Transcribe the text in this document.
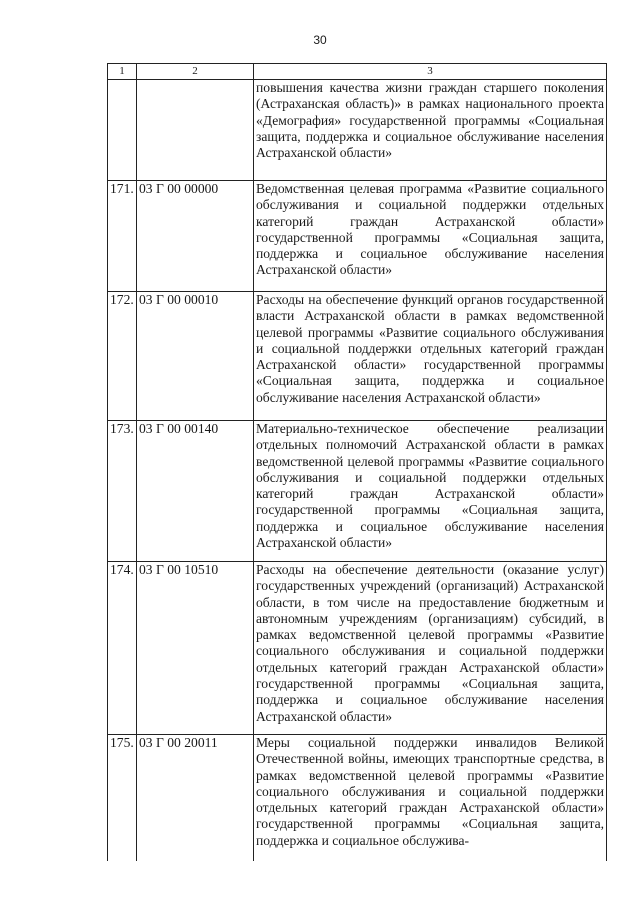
30
1	2	3
		повышения качества жизни граждан старшего поколения (Астраханская область)» в рамках национального проекта «Демография» государственной программы «Социальная защита, поддержка и социальное обслуживание населения Астраханской области»
171.	03 Г 00 00000	Ведомственная целевая программа «Развитие социального обслуживания и социальной поддержки отдельных категорий граждан Астраханской области» государственной программы «Социальная защита, поддержка и социальное обслуживание населения Астраханской области»
172.	03 Г 00 00010	Расходы на обеспечение функций органов государственной власти Астраханской области в рамках ведомственной целевой программы «Развитие социального обслуживания и социальной поддержки отдельных категорий граждан Астраханской области» государственной программы «Социальная защита, поддержка и социальное обслуживание населения Астраханской области»
173.	03 Г 00 00140	Материально-техническое обеспечение реализации отдельных полномочий Астраханской области в рамках ведомственной целевой программы «Развитие социального обслуживания и социальной поддержки отдельных категорий граждан Астраханской области» государственной программы «Социальная защита, поддержка и социальное обслуживание населения Астраханской области»
174.	03 Г 00 10510	Расходы на обеспечение деятельности (оказание услуг) государственных учреждений (организаций) Астраханской области, в том числе на предоставление бюджетным и автономным учреждениям (организациям) субсидий, в рамках ведомственной целевой программы «Развитие социального обслуживания и социальной поддержки отдельных категорий граждан Астраханской области» государственной программы «Социальная защита, поддержка и социальное обслуживание населения Астраханской области»
175.	03 Г 00 20011	Меры социальной поддержки инвалидов Великой Отечественной войны, имеющих транспортные средства, в рамках ведомственной целевой программы «Развитие социального обслуживания и социальной поддержки отдельных категорий граждан Астраханской области» государственной программы «Социальная защита, поддержка и социальное обслужива-
